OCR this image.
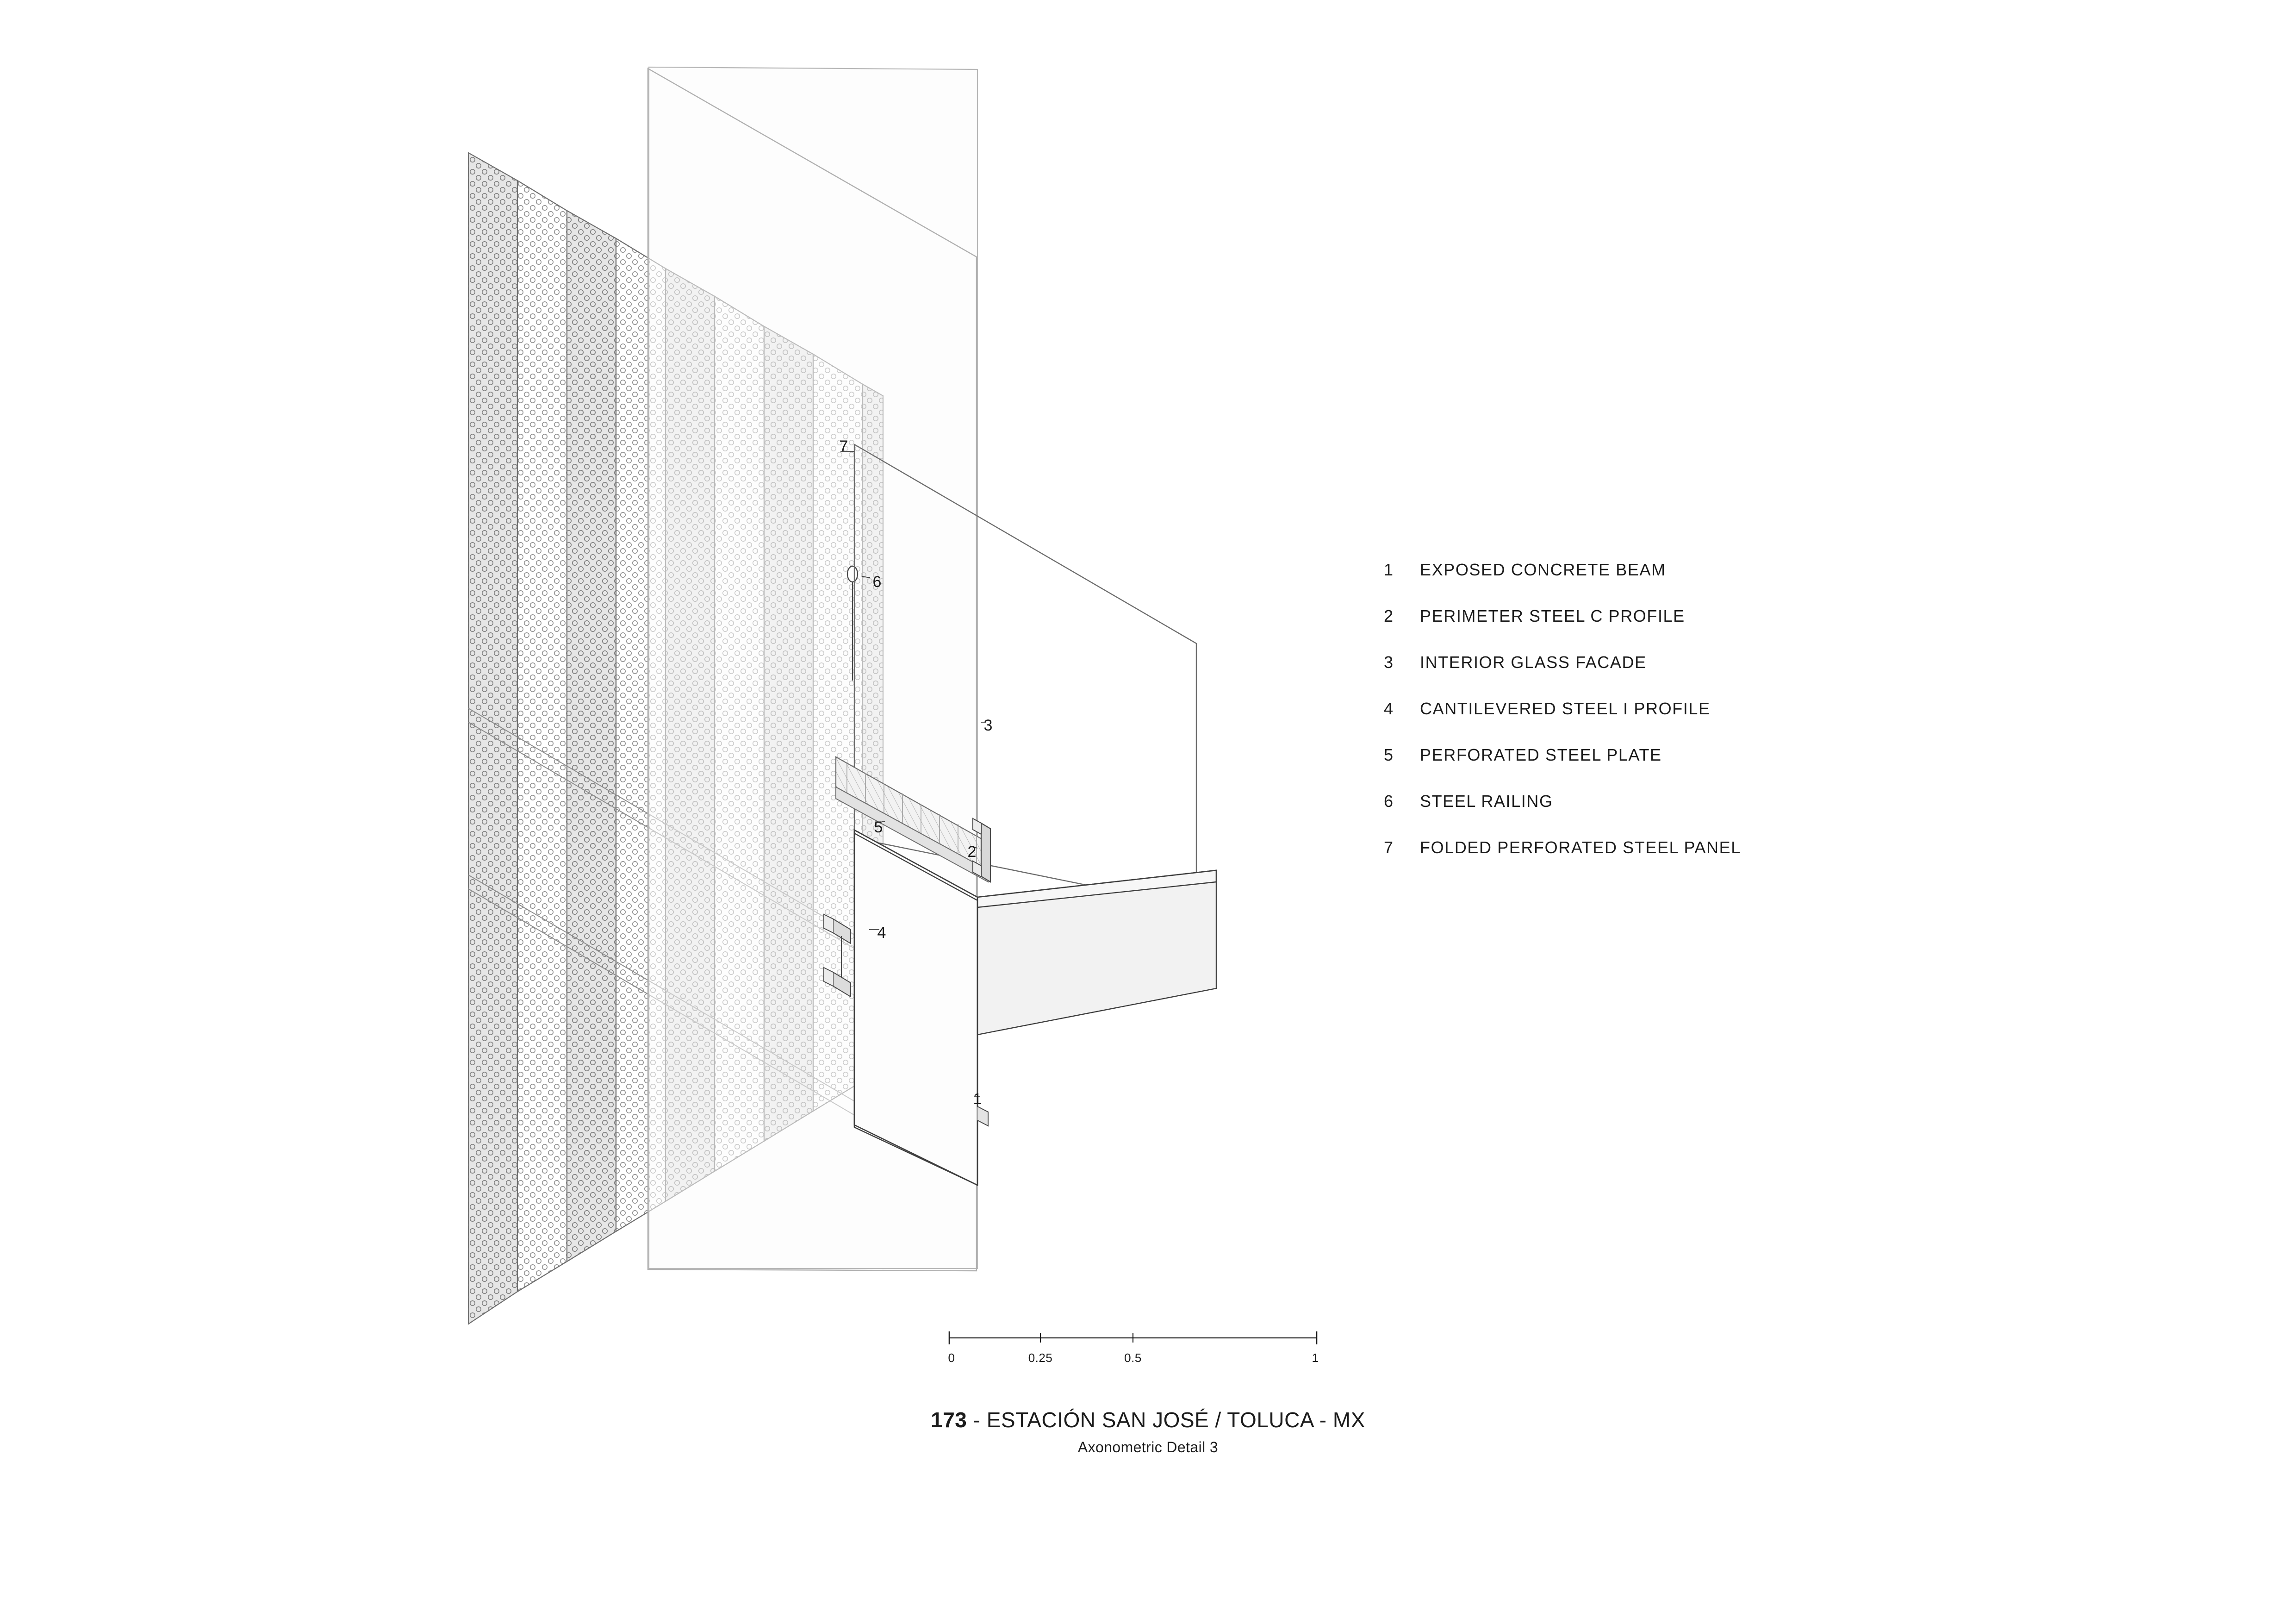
7
6
3
5
2
4
1
1	EXPOSED CONCRETE BEAM
2	PERIMETER STEEL C PROFILE
3	INTERIOR GLASS FACADE
4	CANTILEVERED STEEL I PROFILE
5	PERFORATED STEEL PLATE
6	STEEL RAILING
7	FOLDED PERFORATED STEEL PANEL
0	0.25	0.5	1
173 - ESTACIÓN SAN JOSÉ / TOLUCA - MX
Axonometric Detail 3
